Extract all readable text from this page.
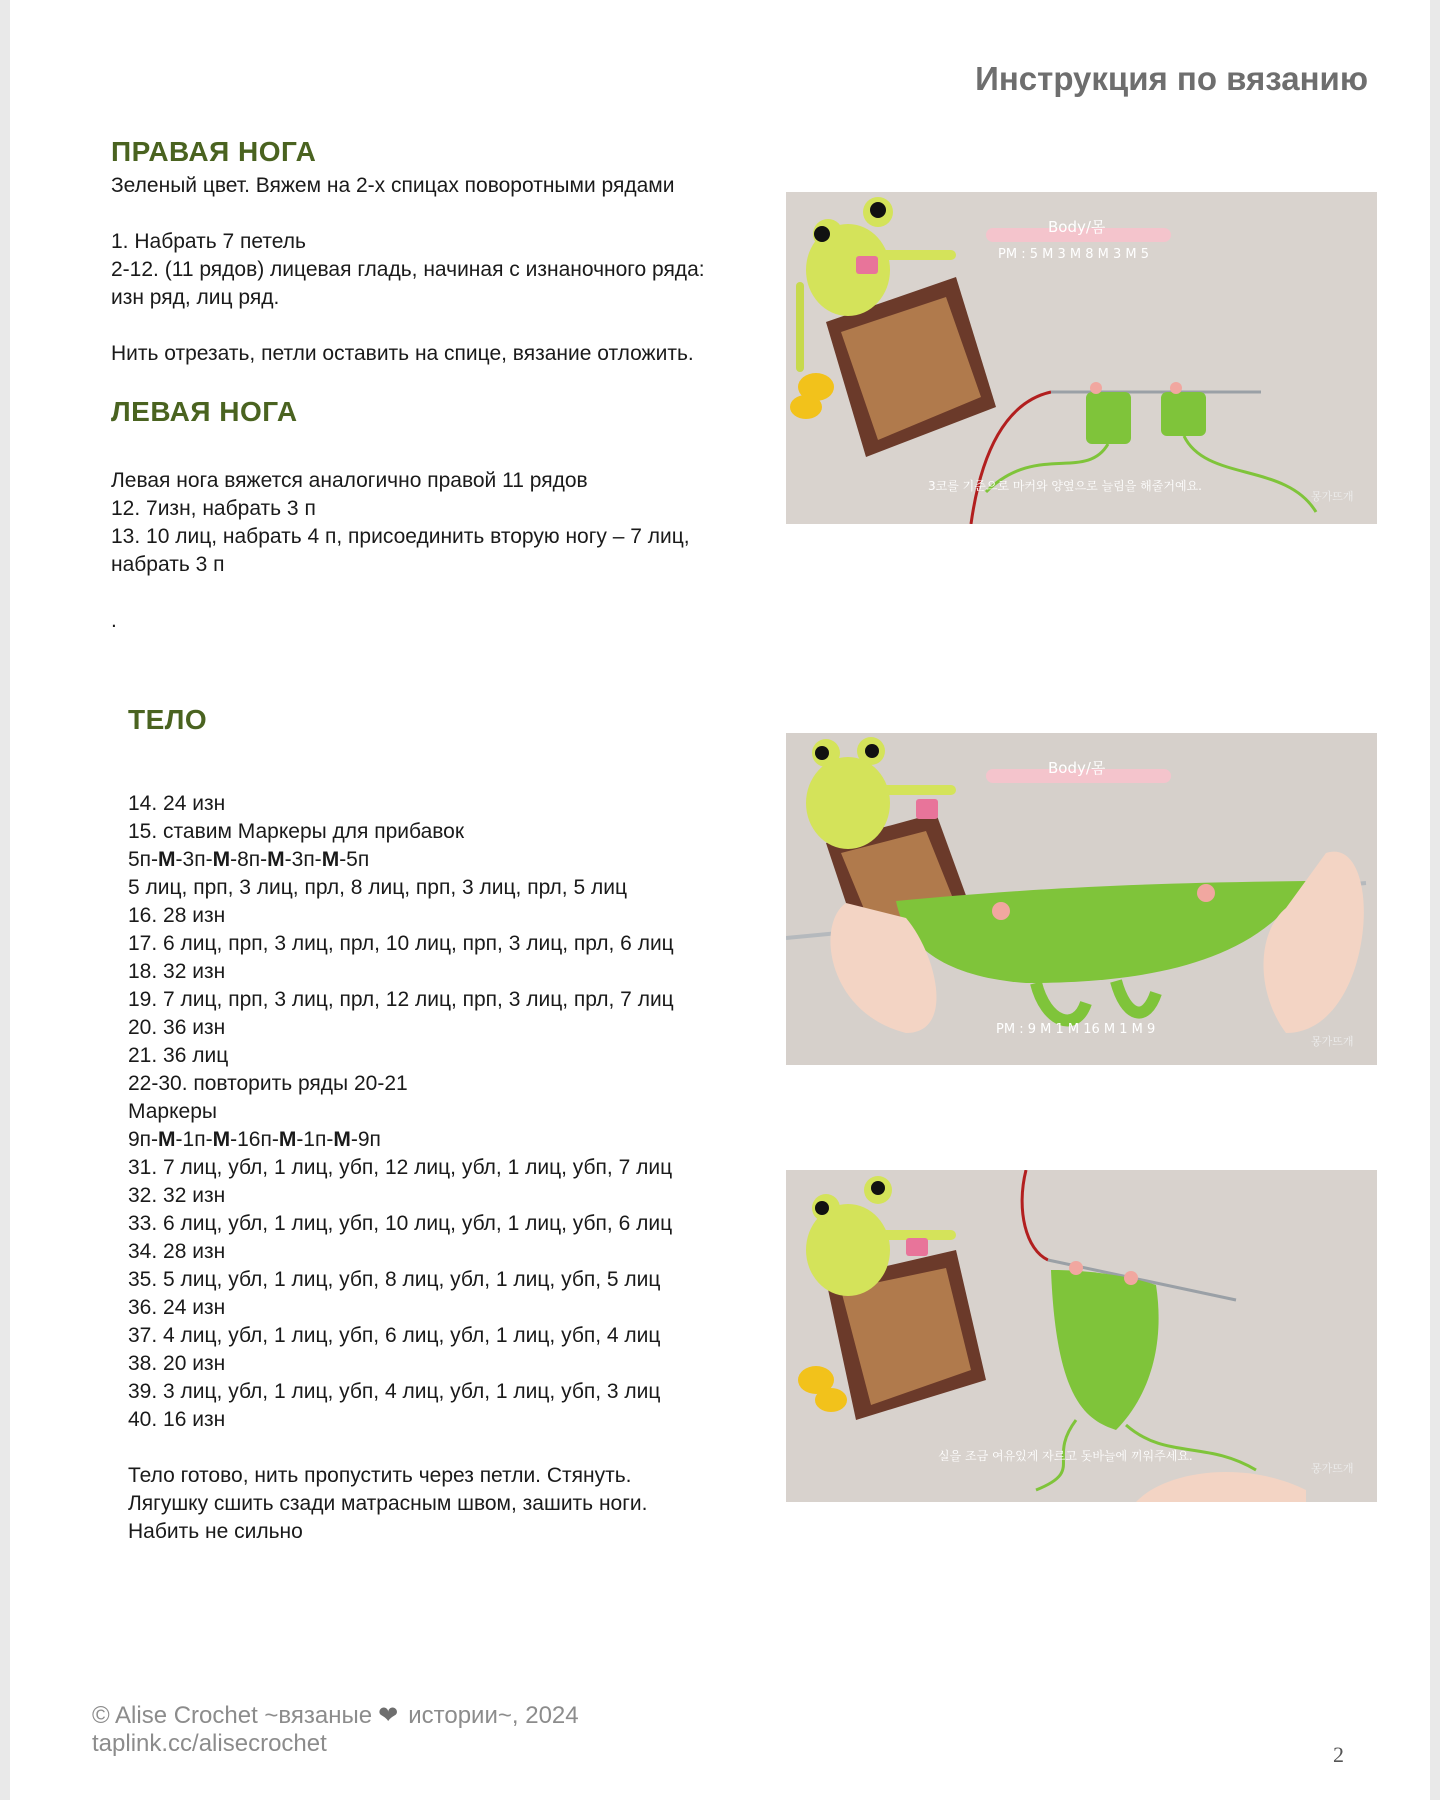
Инструкция по вязанию
ПРАВАЯ НОГА
Зеленый цвет. Вяжем на 2-х спицах поворотными рядами
1. Набрать 7 петель
2-12. (11 рядов) лицевая гладь, начиная с изнаночного ряда:
изн ряд, лиц ряд.
Нить отрезать, петли оставить на спице, вязание отложить.
ЛЕВАЯ НОГА
Левая нога вяжется аналогично правой 11 рядов
12. 7изн, набрать 3 п
13. 10 лиц, набрать 4 п, присоединить вторую ногу – 7 лиц,
набрать 3 п
.
ТЕЛО
14. 24 изн
15. ставим Маркеры для прибавок
5п-М-3п-М-8п-М-3п-М-5п
5 лиц, прп, 3 лиц, прл, 8 лиц, прп, 3 лиц, прл, 5 лиц
16. 28 изн
17. 6 лиц, прп, 3 лиц, прл, 10 лиц, прп, 3 лиц, прл, 6 лиц
18. 32 изн
19. 7 лиц, прп, 3 лиц, прл, 12 лиц, прп, 3 лиц, прл, 7 лиц
20. 36 изн
21. 36 лиц
22-30. повторить ряды 20-21
Маркеры
9п-М-1п-М-16п-М-1п-М-9п
31. 7 лиц, убл, 1 лиц, убп, 12 лиц, убл, 1 лиц, убп, 7 лиц
32. 32 изн
33. 6 лиц, убл, 1 лиц, убп, 10 лиц, убл, 1 лиц, убп, 6 лиц
34. 28 изн
35. 5 лиц, убл, 1 лиц, убп, 8 лиц, убл, 1 лиц, убп, 5 лиц
36. 24 изн
37. 4 лиц, убл, 1 лиц, убп, 6 лиц, убл, 1 лиц, убп, 4 лиц
38. 20 изн
39. 3 лиц, убл, 1 лиц, убп, 4 лиц, убл, 1 лиц, убп, 3 лиц
40. 16 изн
Тело готово, нить пропустить через петли. Стянуть.
Лягушку сшить сзади матрасным швом, зашить ноги.
Набить не сильно
Body/몸
PM : 5 M 3 M 8 M 3 M 5
3코를 기준으로 마커와 양옆으로 늘림을 해줄거예요.
몽가뜨개
Body/몸
PM : 9 M 1 M 16 M 1 M 9
몽가뜨개
실을 조금 여유있게 자르고 돗바늘에 끼워주세요.
몽가뜨개
© Alise Crochet ~вязаные ❤ истории~, 2024
taplink.cc/alisecrochet	2
